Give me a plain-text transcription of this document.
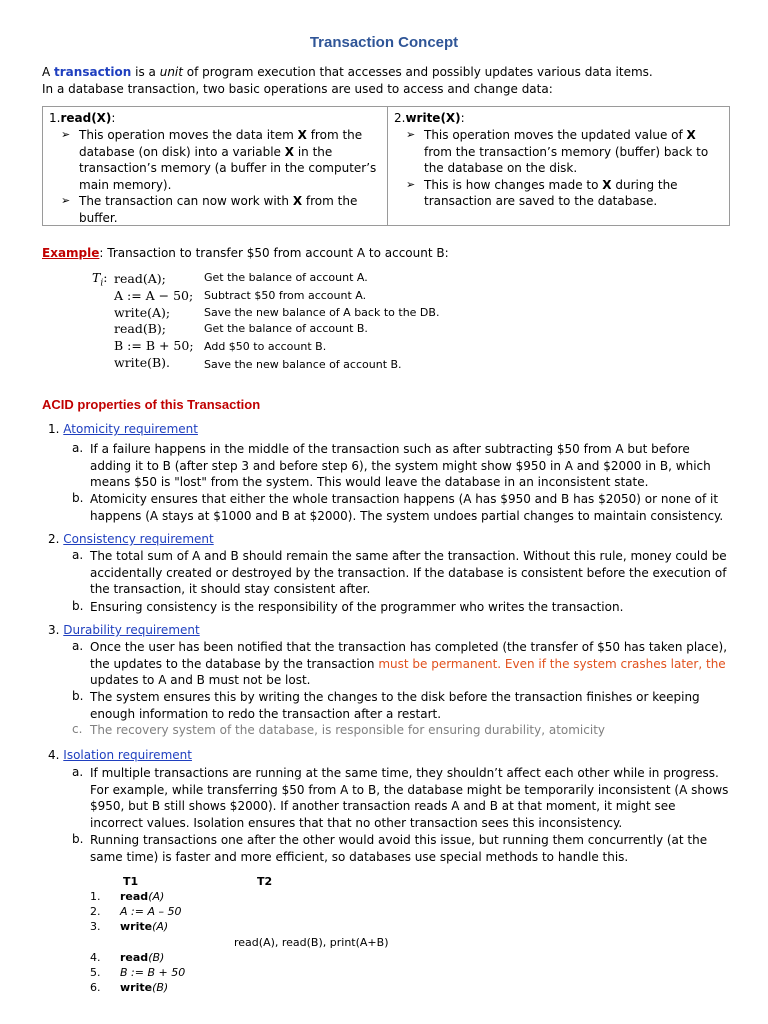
Transaction Concept
A transaction is a unit of program execution that accesses and possibly updates various data items.
In a database transaction, two basic operations are used to access and change data:
1.read(X):
➢ This operation moves the data item X from the database (on disk) into a variable X in the transaction’s memory (a buffer in the computer’s main memory).
➢ The transaction can now work with X from the buffer.
2.write(X):
➢ This operation moves the updated value of X from the transaction’s memory (buffer) back to the database on the disk.
➢ This is how changes made to X during the transaction are saved to the database.
Example: Transaction to transfer $50 from account A to account B:
$T_i$: read(A);
A := A − 50;
write(A);
read(B);
B := B + 50;
write(B).
Get the balance of account A.
Subtract $50 from account A.
Save the new balance of A back to the DB.
Get the balance of account B.
Add $50 to account B.
Save the new balance of account B.
ACID properties of this Transaction
1. Atomicity requirement
a. If a failure happens in the middle of the transaction such as after subtracting $50 from A but before adding it to B (after step 3 and before step 6), the system might show $950 in A and $2000 in B, which means $50 is "lost" from the system. This would leave the database in an inconsistent state.
b. Atomicity ensures that either the whole transaction happens (A has $950 and B has $2050) or none of it happens (A stays at $1000 and B at $2000). The system undoes partial changes to maintain consistency.
2. Consistency requirement
a. The total sum of A and B should remain the same after the transaction. Without this rule, money could be accidentally created or destroyed by the transaction. If the database is consistent before the execution of the transaction, it should stay consistent after.
b. Ensuring consistency is the responsibility of the programmer who writes the transaction.
3. Durability requirement
a. Once the user has been notified that the transaction has completed (the transfer of $50 has taken place), the updates to the database by the transaction must be permanent. Even if the system crashes later, the updates to A and B must not be lost.
b. The system ensures this by writing the changes to the disk before the transaction finishes or keeping enough information to redo the transaction after a restart.
c. The recovery system of the database, is responsible for ensuring durability, atomicity
4. Isolation requirement
a. If multiple transactions are running at the same time, they shouldn’t affect each other while in progress. For example, while transferring $50 from A to B, the database might be temporarily inconsistent (A shows $950, but B still shows $2000). If another transaction reads A and B at that moment, it might see incorrect values. Isolation ensures that that no other transaction sees this inconsistency.
b. Running transactions one after the other would avoid this issue, but running them concurrently (at the same time) is faster and more efficient, so databases use special methods to handle this.
T1	T2
1. read(A)
2. A := A – 50
3. write(A)
read(A), read(B), print(A+B)
4. read(B)
5. B := B + 50
6. write(B)
